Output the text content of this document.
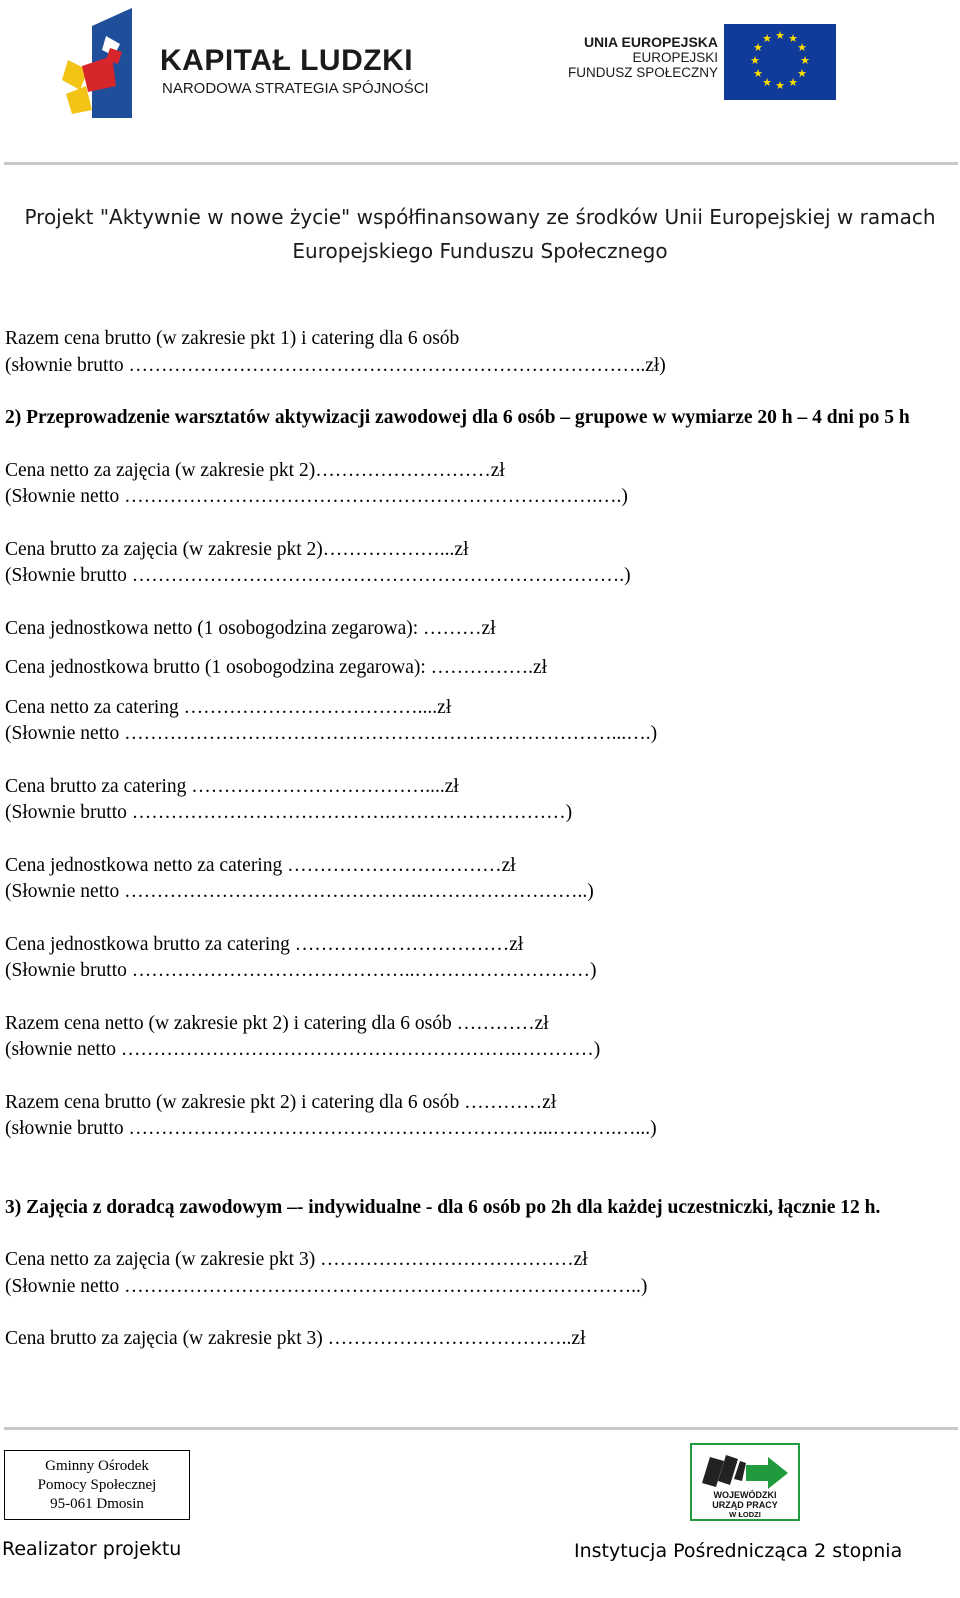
KAPITAŁ LUDZKI
NARODOWA STRATEGIA SPÓJNOŚCI
UNIA EUROPEJSKA
EUROPEJSKI
FUNDUSZ SPOŁECZNY
★ ★
★
★
★
★
★
★
★
★
★
★
Projekt "Aktywnie w nowe życie" współfinansowany ze środków Unii Europejskiej w ramach
Europejskiego Funduszu Społecznego

Razem cena brutto (w zakresie pkt 1) i catering dla 6 osób

(słownie brutto ……………………………………………………………………..zł)

2) Przeprowadzenie warsztatów aktywizacji zawodowej dla 6 osób – grupowe w wymiarze 20 h – 4 dni po 5 h

Cena netto za zajęcia (w zakresie pkt 2)………………………zł

(Słownie netto ……………………………………………………………….….)

Cena brutto za zajęcia (w zakresie pkt 2)………………...zł

(Słownie brutto ………………………………………………………………….)

Cena jednostkowa netto (1 osobogodzina zegarowa): ………zł

Cena jednostkowa brutto (1 osobogodzina zegarowa): …………….zł

Cena netto za catering ………………………………....zł

(Słownie netto …………………………………………………………………...….)

Cena brutto za catering ………………………………....zł

(Słownie brutto ………………………………….………………………)

Cena jednostkowa netto za catering ……………………………zł

(Słownie netto ……………………………………….……………………..)

Cena jednostkowa brutto za catering ……………………………zł

(Słownie brutto ……………………………………..………………………)

Razem cena netto (w zakresie pkt 2) i catering dla 6 osób …………zł

(słownie netto …………………………………………………….…………)

Razem cena brutto (w zakresie pkt 2) i catering dla 6 osób …………zł

(słownie brutto ………………………………………………………...……….…...)

3) Zajęcia z doradcą zawodowym –- indywidualne - dla 6 osób po 2h dla każdej uczestniczki, łącznie 12 h.

Cena netto za zajęcia (w zakresie pkt 3) …………………………………zł

(Słownie netto ……………………………………………………………………..)

Cena brutto za zajęcia (w zakresie pkt 3) ………………………………..zł

Gminny Ośrodek
Pomocy Społecznej
95-061 Dmosin
Realizator projektu
WOJEWÓDZKI
URZĄD PRACY
W ŁODZI
Instytucja Pośrednicząca 2 stopnia
